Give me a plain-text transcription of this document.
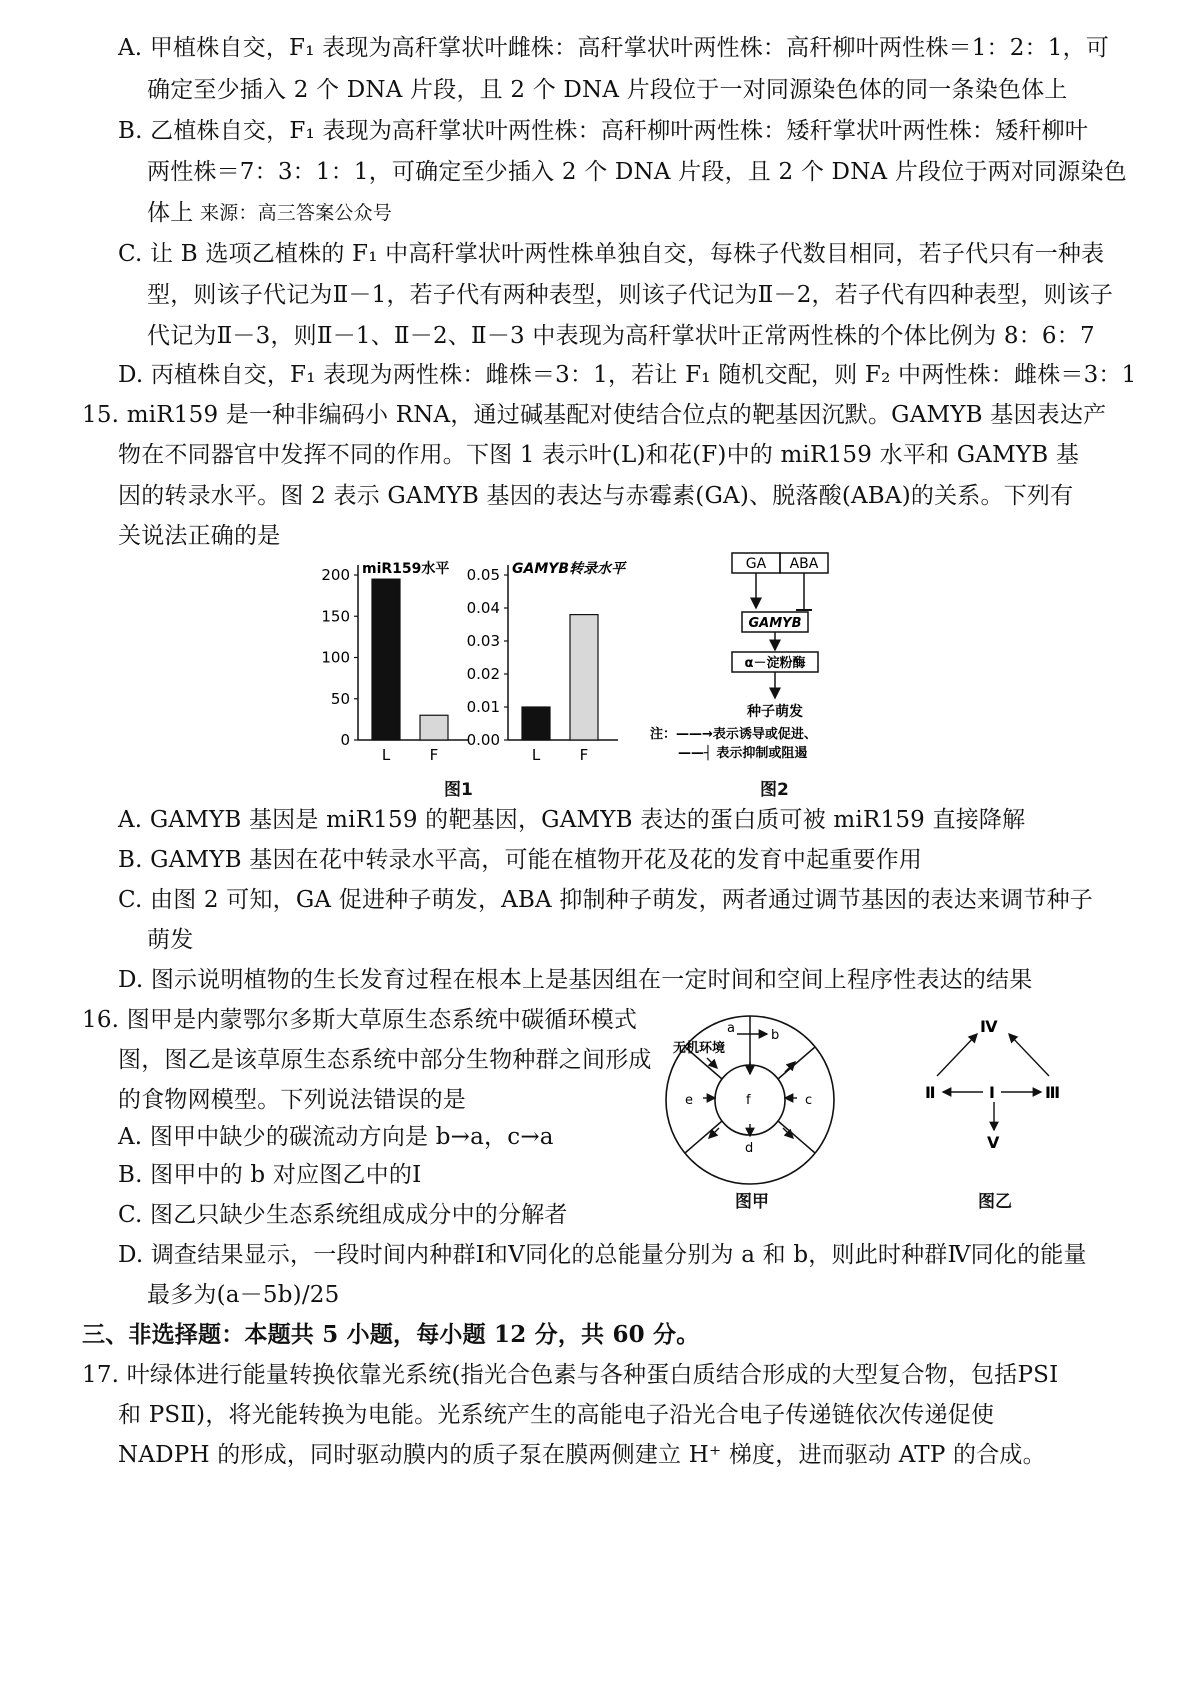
A. 甲植株自交，F₁ 表现为高秆掌状叶雌株：高秆掌状叶两性株：高秆柳叶两性株＝1：2：1，可
确定至少插入 2 个 DNA 片段，且 2 个 DNA 片段位于一对同源染色体的同一条染色体上
B. 乙植株自交，F₁ 表现为高秆掌状叶两性株：高秆柳叶两性株：矮秆掌状叶两性株：矮秆柳叶
两性株＝7：3：1：1，可确定至少插入 2 个 DNA 片段，且 2 个 DNA 片段位于两对同源染色
体上 来源：高三答案公众号
C. 让 B 选项乙植株的 F₁ 中高秆掌状叶两性株单独自交，每株子代数目相同，若子代只有一种表
型，则该子代记为Ⅱ－1，若子代有两种表型，则该子代记为Ⅱ－2，若子代有四种表型，则该子
代记为Ⅱ－3，则Ⅱ－1、Ⅱ－2、Ⅱ－3 中表现为高秆掌状叶正常两性株的个体比例为 8：6：7
D. 丙植株自交，F₁ 表现为两性株：雌株＝3：1，若让 F₁ 随机交配，则 F₂ 中两性株：雌株＝3：1
15. miR159 是一种非编码小 RNA，通过碱基配对使结合位点的靶基因沉默。GAMYB 基因表达产
物在不同器官中发挥不同的作用。下图 1 表示叶(L)和花(F)中的 miR159 水平和 GAMYB 基
因的转录水平。图 2 表示 GAMYB 基因的表达与赤霉素(GA)、脱落酸(ABA)的关系。下列有
关说法正确的是
miR159水平
0
50
100
150
200
L	F
GAMYB转录水平
0.00
0.01
0.02
0.03
0.04
0.05
L	F
图1
GA ABA
GAMYB
α－淀粉酶
种子萌发
注：——→表示诱导或促进、
——┤ 表示抑制或阻遏
图2
A. GAMYB 基因是 miR159 的靶基因，GAMYB 表达的蛋白质可被 miR159 直接降解
B. GAMYB 基因在花中转录水平高，可能在植物开花及花的发育中起重要作用
C. 由图 2 可知，GA 促进种子萌发，ABA 抑制种子萌发，两者通过调节基因的表达来调节种子
萌发
D. 图示说明植物的生长发育过程在根本上是基因组在一定时间和空间上程序性表达的结果
16. 图甲是内蒙鄂尔多斯大草原生态系统中碳循环模式
图，图乙是该草原生态系统中部分生物种群之间形成
的食物网模型。下列说法错误的是
A. 图甲中缺少的碳流动方向是 b→a，c→a
B. 图甲中的 b 对应图乙中的Ⅰ
C. 图乙只缺少生态系统组成成分中的分解者
D. 调查结果显示，一段时间内种群Ⅰ和Ⅴ同化的总能量分别为 a 和 b，则此时种群Ⅳ同化的能量
最多为(a－5b)/25
a	b
无机环境
e	c
f
d
图甲
Ⅳ
Ⅱ	Ⅰ	Ⅲ
Ⅴ
图乙
三、非选择题：本题共 5 小题，每小题 12 分，共 60 分。
17. 叶绿体进行能量转换依靠光系统(指光合色素与各种蛋白质结合形成的大型复合物，包括PSⅠ
和 PSⅡ)，将光能转换为电能。光系统产生的高能电子沿光合电子传递链依次传递促使
NADPH 的形成，同时驱动膜内的质子泵在膜两侧建立 H⁺ 梯度，进而驱动 ATP 的合成。
